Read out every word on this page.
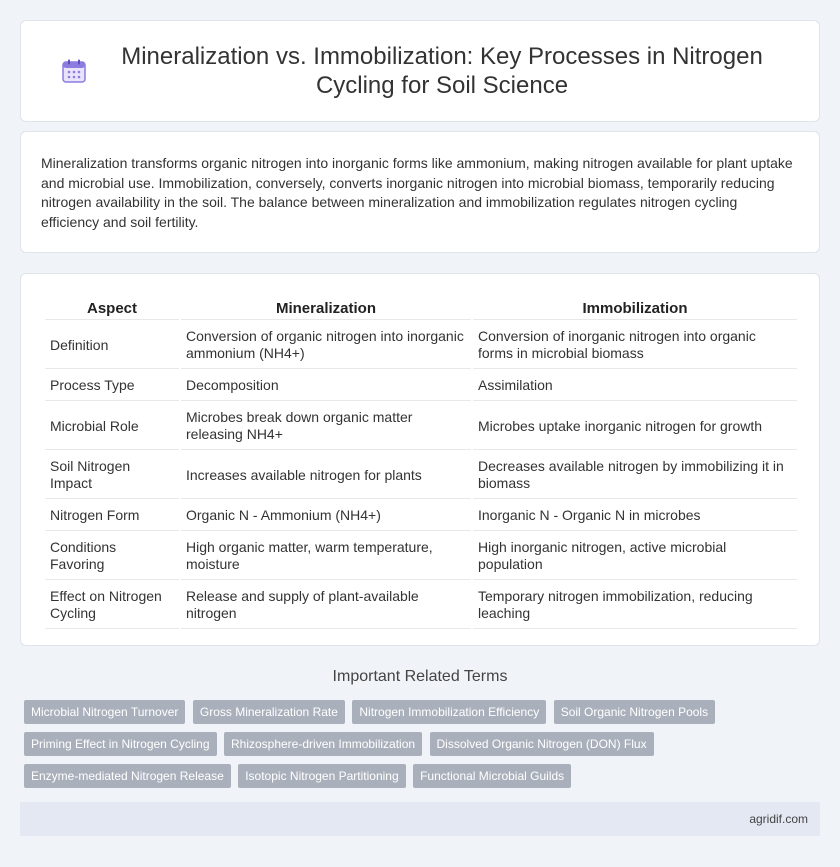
Mineralization vs. Immobilization: Key Processes in Nitrogen Cycling for Soil Science

Mineralization transforms organic nitrogen into inorganic forms like ammonium, making nitrogen available for plant uptake and microbial use. Immobilization, conversely, converts inorganic nitrogen into microbial biomass, temporarily reducing nitrogen availability in the soil. The balance between mineralization and immobilization regulates nitrogen cycling efficiency and soil fertility.

Aspect	Mineralization	Immobilization
Definition	Conversion of organic nitrogen into inorganic ammonium (NH4+)	Conversion of inorganic nitrogen into organic forms in microbial biomass
Process Type	Decomposition	Assimilation
Microbial Role	Microbes break down organic matter releasing NH4+	Microbes uptake inorganic nitrogen for growth
Soil Nitrogen Impact	Increases available nitrogen for plants	Decreases available nitrogen by immobilizing it in biomass
Nitrogen Form	Organic N - Ammonium (NH4+)	Inorganic N - Organic N in microbes
Conditions Favoring	High organic matter, warm temperature, moisture	High inorganic nitrogen, active microbial population
Effect on Nitrogen Cycling	Release and supply of plant-available nitrogen	Temporary nitrogen immobilization, reducing leaching
Important Related Terms
Microbial Nitrogen Turnover Gross Mineralization Rate Nitrogen Immobilization Efficiency Soil Organic Nitrogen Pools
Priming Effect in Nitrogen Cycling Rhizosphere-driven Immobilization Dissolved Organic Nitrogen (DON) Flux
Enzyme-mediated Nitrogen Release Isotopic Nitrogen Partitioning Functional Microbial Guilds
agridif.com
